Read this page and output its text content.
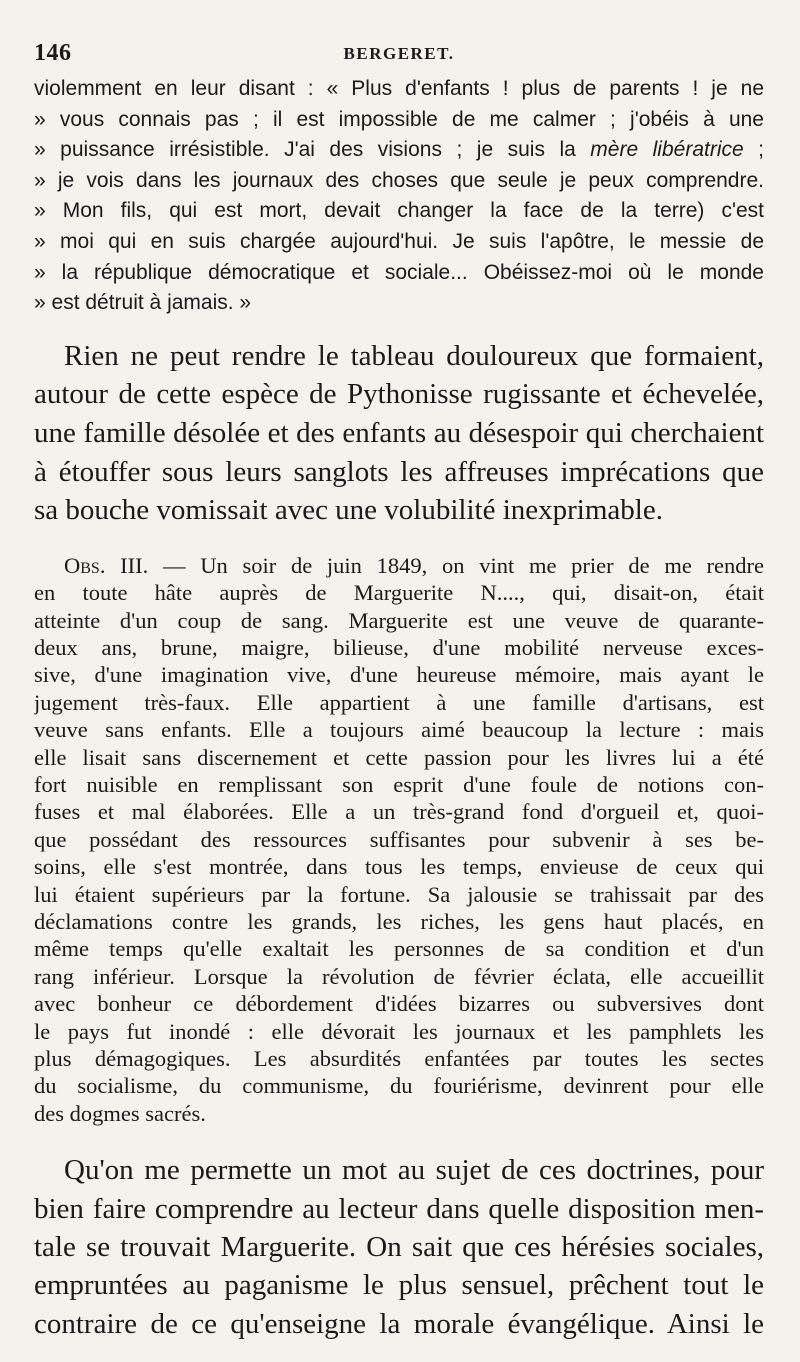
146	BERGERET.
violemment en leur disant : « Plus d'enfants ! plus de parents ! je ne
» vous connais pas ; il est impossible de me calmer ; j'obéis à une
» puissance irrésistible. J'ai des visions ; je suis la mère libératrice ;
» je vois dans les journaux des choses que seule je peux comprendre.
» Mon fils, qui est mort, devait changer la face de la terre) c'est
» moi qui en suis chargée aujourd'hui. Je suis l'apôtre, le messie de
» la république démocratique et sociale... Obéissez-moi où le monde
» est détruit à jamais. »
Rien ne peut rendre le tableau douloureux que formaient,
autour de cette espèce de Pythonisse rugissante et échevelée,
une famille désolée et des enfants au désespoir qui cherchaient
à étouffer sous leurs sanglots les affreuses imprécations que
sa bouche vomissait avec une volubilité inexprimable.
Obs. III. — Un soir de juin 1849, on vint me prier de me rendre
en toute hâte auprès de Marguerite N...., qui, disait-on, était
atteinte d'un coup de sang. Marguerite est une veuve de quarante-
deux ans, brune, maigre, bilieuse, d'une mobilité nerveuse exces-
sive, d'une imagination vive, d'une heureuse mémoire, mais ayant le
jugement très-faux. Elle appartient à une famille d'artisans, est
veuve sans enfants. Elle a toujours aimé beaucoup la lecture : mais
elle lisait sans discernement et cette passion pour les livres lui a été
fort nuisible en remplissant son esprit d'une foule de notions con-
fuses et mal élaborées. Elle a un très-grand fond d'orgueil et, quoi-
que possédant des ressources suffisantes pour subvenir à ses be-
soins, elle s'est montrée, dans tous les temps, envieuse de ceux qui
lui étaient supérieurs par la fortune. Sa jalousie se trahissait par des
déclamations contre les grands, les riches, les gens haut placés, en
même temps qu'elle exaltait les personnes de sa condition et d'un
rang inférieur. Lorsque la révolution de février éclata, elle accueillit
avec bonheur ce débordement d'idées bizarres ou subversives dont
le pays fut inondé : elle dévorait les journaux et les pamphlets les
plus démagogiques. Les absurdités enfantées par toutes les sectes
du socialisme, du communisme, du fouriérisme, devinrent pour elle
des dogmes sacrés.
Qu'on me permette un mot au sujet de ces doctrines, pour
bien faire comprendre au lecteur dans quelle disposition men-
tale se trouvait Marguerite. On sait que ces hérésies sociales,
empruntées au paganisme le plus sensuel, prêchent tout le
contraire de ce qu'enseigne la morale évangélique. Ainsi le
